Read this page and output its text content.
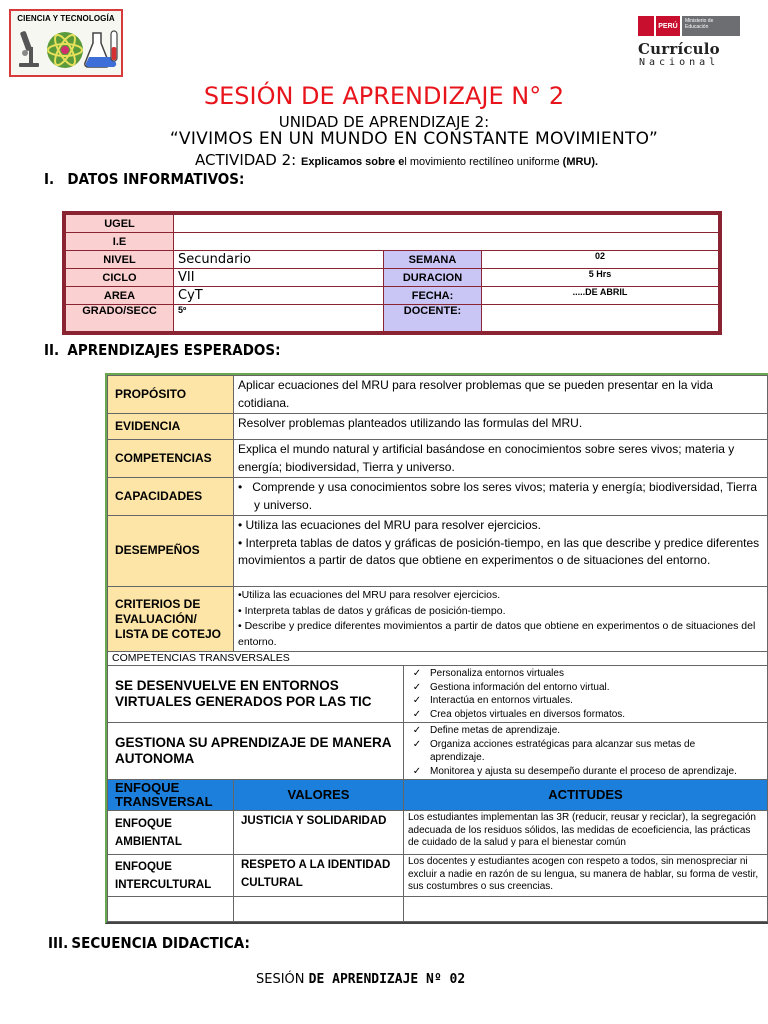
CIENCIA Y TECNOLOGÍA
PERÚ
Ministerio de Educación
Currículo
Nacional
SESIÓN DE APRENDIZAJE N° 2
UNIDAD DE APRENDIZAJE 2:
“VIVIMOS EN UN MUNDO EN CONSTANTE MOVIMIENTO”
ACTIVIDAD 2: Explicamos sobre el movimiento rectilíneo uniforme (MRU).
I. DATOS INFORMATIVOS:
UGEL			
I.E			
NIVEL	Secundario	SEMANA	02
CICLO	VII	DURACION	5 Hrs
AREA	CyT	FECHA:	.....DE ABRIL
GRADO/SECC	5º	DOCENTE:	
II. APRENDIZAJES ESPERADOS:
PROPÓSITO	Aplicar ecuaciones del MRU para resolver problemas que se pueden presentar en la vida cotidiana.	
EVIDENCIA	Resolver problemas planteados utilizando las formulas del MRU.	
COMPETENCIAS	Explica el mundo natural y artificial basándose en conocimientos sobre seres vivos; materia y energía; biodiversidad, Tierra y universo.	
CAPACIDADES	•   Comprende y usa conocimientos sobre los seres vivos; materia y energía; biodiversidad, Tierra y universo.	
DESEMPEÑOS	• Utiliza las ecuaciones del MRU para resolver ejercicios.
• Interpreta tablas de datos y gráficas de posición-tiempo, en las que describe y predice diferentes movimientos a partir de datos que obtiene en experimentos o de situaciones del entorno.	

CRITERIOS DE EVALUACIÓN/ LISTA DE COTEJO	•Utiliza las ecuaciones del MRU para resolver ejercicios.
• Interpreta tablas de datos y gráficas de posición-tiempo.
• Describe y predice diferentes movimientos a partir de datos que obtiene en experimentos o de situaciones del entorno.	

COMPETENCIAS TRANSVERSALES		
SE DESENVUELVE EN ENTORNOS VIRTUALES GENERADOS POR LAS TIC		✓ Personaliza entornos virtuales
✓ Gestiona información del entorno virtual.
✓ Interactúa en entornos virtuales.
✓ Crea objetos virtuales en diversos formatos.

GESTIONA SU APRENDIZAJE DE MANERA AUTONOMA		✓ Define metas de aprendizaje.
✓ Organiza acciones estratégicas para alcanzar sus metas de
aprendizaje.
✓ Monitorea y ajusta su desempeño durante el proceso de aprendizaje.

ENFOQUE TRANSVERSAL	VALORES	ACTITUDES
ENFOQUE AMBIENTAL	JUSTICIA Y SOLIDARIDAD	Los estudiantes implementan las 3R (reducir, reusar y reciclar), la segregación
adecuada de los residuos sólidos, las medidas de ecoeficiencia, las prácticas
de cuidado de la salud y para el bienestar común

ENFOQUE INTERCULTURAL	RESPETO A LA IDENTIDAD CULTURAL	Los docentes y estudiantes acogen con respeto a todos, sin menospreciar ni
excluir a nadie en razón de su lengua, su manera de hablar, su forma de vestir,
sus costumbres o sus creencias.

III. SECUENCIA DIDACTICA:
SESIÓN DE APRENDIZAJE Nº 02
